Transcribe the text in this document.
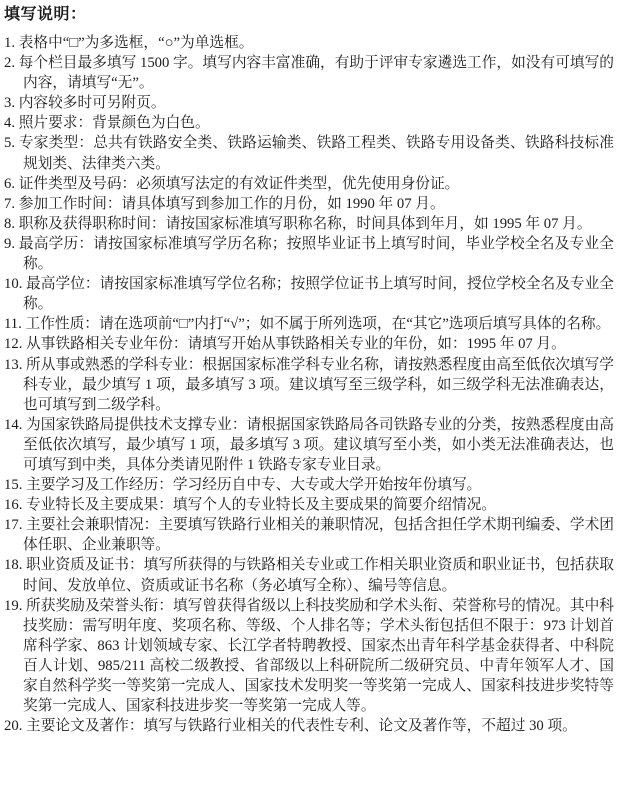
填写说明：
1. 表格中“□”为多选框，“○”为单选框。
2. 每个栏目最多填写 1500 字。填写内容丰富准确，有助于评审专家遴选工作，如没有可填写的内容，请填写“无”。
3. 内容较多时可另附页。
4. 照片要求：背景颜色为白色。
5. 专家类型：总共有铁路安全类、铁路运输类、铁路工程类、铁路专用设备类、铁路科技标准规划类、法律类六类。
6. 证件类型及号码：必须填写法定的有效证件类型，优先使用身份证。
7. 参加工作时间：请具体填写到参加工作的月份，如 1990 年 07 月。
8. 职称及获得职称时间：请按国家标准填写职称名称，时间具体到年月，如 1995 年 07 月。
9. 最高学历：请按国家标准填写学历名称；按照毕业证书上填写时间，毕业学校全名及专业全称。
10. 最高学位：请按国家标准填写学位名称；按照学位证书上填写时间，授位学校全名及专业全称。
11. 工作性质：请在选项前“□”内打“√”；如不属于所列选项，在“其它”选项后填写具体的名称。
12. 从事铁路相关专业年份：请填写开始从事铁路相关专业的年份，如：1995 年 07 月。
13. 所从事或熟悉的学科专业：根据国家标准学科专业名称，请按熟悉程度由高至低依次填写学科专业，最少填写 1 项，最多填写 3 项。建议填写至三级学科，如三级学科无法准确表达，也可填写到二级学科。
14. 为国家铁路局提供技术支撑专业：请根据国家铁路局各司铁路专业的分类，按熟悉程度由高至低依次填写，最少填写 1 项，最多填写 3 项。建议填写至小类，如小类无法准确表达，也可填写到中类，具体分类请见附件 1 铁路专家专业目录。
15. 主要学习及工作经历：学习经历自中专、大专或大学开始按年份填写。
16. 专业特长及主要成果：填写个人的专业特长及主要成果的简要介绍情况。
17. 主要社会兼职情况：主要填写铁路行业相关的兼职情况，包括含担任学术期刊编委、学术团体任职、企业兼职等。
18. 职业资质及证书：填写所获得的与铁路相关专业或工作相关职业资质和职业证书，包括获取时间、发放单位、资质或证书名称（务必填写全称）、编号等信息。
19. 所获奖励及荣誉头衔：填写曾获得省级以上科技奖励和学术头衔、荣誉称号的情况。其中科技奖励：需写明年度、奖项名称、等级、个人排名等；学术头衔包括但不限于：973 计划首席科学家、863 计划领域专家、长江学者特聘教授、国家杰出青年科学基金获得者、中科院百人计划、985/211 高校二级教授、省部级以上科研院所二级研究员、中青年领军人才、国家自然科学奖一等奖第一完成人、国家技术发明奖一等奖第一完成人、国家科技进步奖特等奖第一完成人、国家科技进步奖一等奖第一完成人等。
20. 主要论文及著作：填写与铁路行业相关的代表性专利、论文及著作等，不超过 30 项。
